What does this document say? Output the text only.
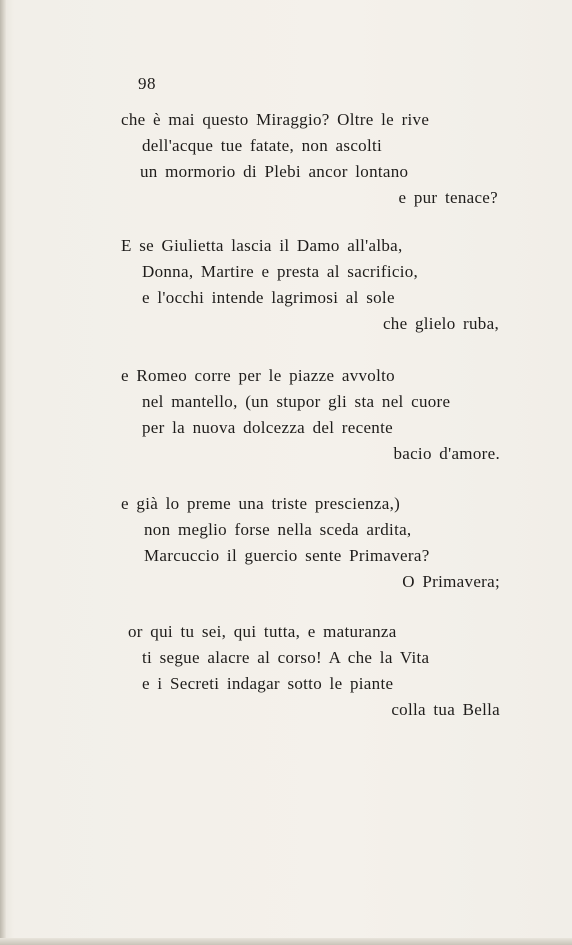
98
che è mai questo Miraggio? Oltre le rive
dell'acque tue fatate, non ascolti
un mormorio di Plebi ancor lontano
e pur tenace?
E se Giulietta lascia il Damo all'alba,
Donna, Martire e presta al sacrificio,
e l'occhi intende lagrimosi al sole
che glielo ruba,
e Romeo corre per le piazze avvolto
nel mantello, (un stupor gli sta nel cuore
per la nuova dolcezza del recente
bacio d'amore.
e già lo preme una triste prescienza,)
non meglio forse nella sceda ardita,
Marcuccio il guercio sente Primavera?
O Primavera;
or qui tu sei, qui tutta, e maturanza
ti segue alacre al corso! A che la Vita
e i Secreti indagar sotto le piante
colla tua Bella
